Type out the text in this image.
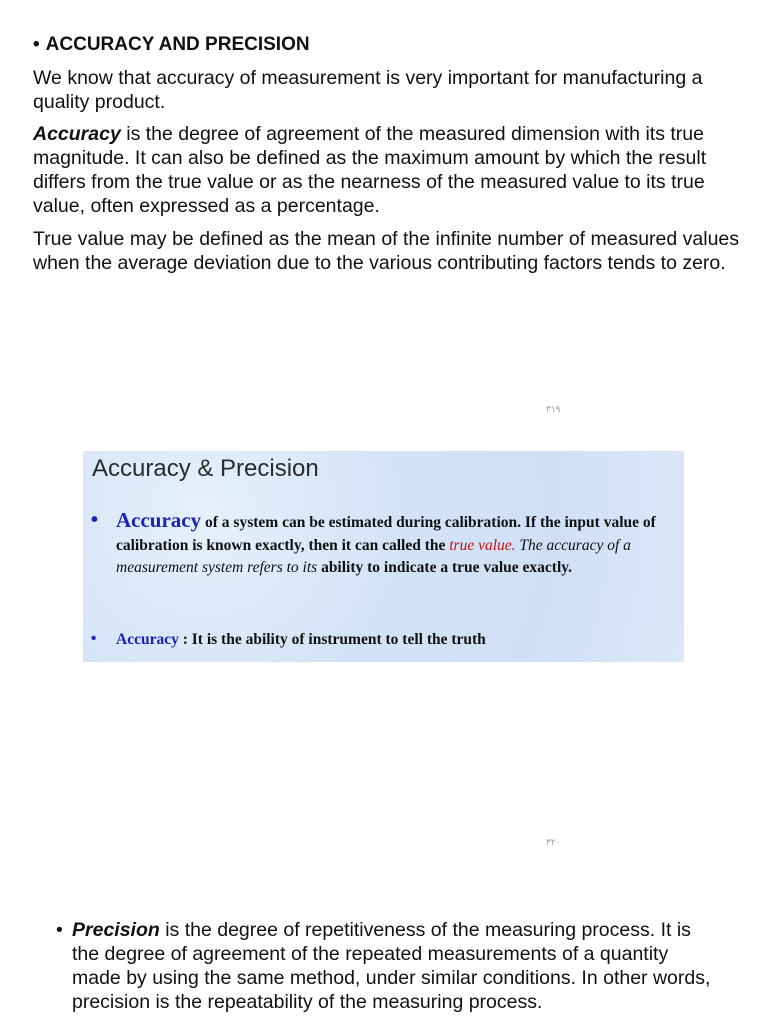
• ACCURACY AND PRECISION
We know that accuracy of measurement is very important for manufacturing a quality product.
Accuracy is the degree of agreement of the measured dimension with its true magnitude. It can also be defined as the maximum amount by which the result differs from the true value or as the nearness of the measured value to its true value, often expressed as a percentage.
True value may be defined as the mean of the infinite number of measured values when the average deviation due to the various contributing factors tends to zero.
٣١٩
Accuracy & Precision
• Accuracy of a system can be estimated during calibration. If the input value of calibration is known exactly, then it can called the true value. The accuracy of a measurement system refers to its ability to indicate a true value exactly.
• Accuracy : It is the ability of instrument to tell the truth
٣٢٠
• Precision is the degree of repetitiveness of the measuring process. It is the degree of agreement of the repeated measurements of a quantity made by using the same method, under similar conditions. In other words, precision is the repeatability of the measuring process.
